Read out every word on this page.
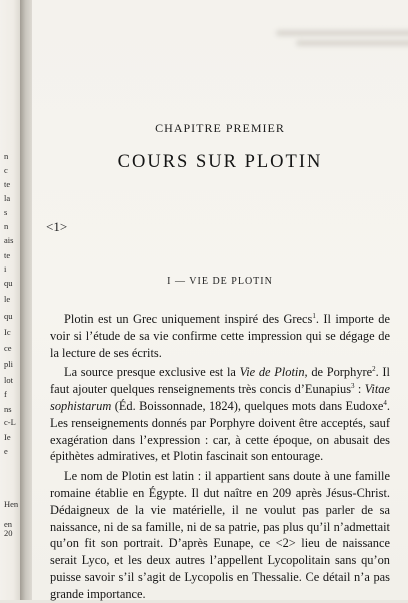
n
c
te
la
s
n
ais
te
i
qu
le
qu
Ic
ce
pli
lot
f
ns
c-L
Ie
e
Hen
en 20
CHAPITRE PREMIER
COURS SUR PLOTIN
<1>
I — VIE DE PLOTIN

Plotin est un Grec uniquement inspiré des Grecs$^1$. Il importe de voir si l’étude de sa vie confirme cette impression qui se dégage de la lecture de ses écrits.

La source presque exclusive est la Vie de Plotin, de Porphyre$^2$. Il faut ajouter quelques renseignements très concis d’Eunapius$^3$ : Vitae sophistarum (Éd. Boissonnade, 1824), quelques mots dans Eudoxe$^4$. Les renseignements donnés par Porphyre doivent être acceptés, sauf exagération dans l’expression : car, à cette époque, on abusait des épithètes admiratives, et Plotin fascinait son entourage.

Le nom de Plotin est latin : il appartient sans doute à une famille romaine établie en Égypte. Il dut naître en 209 après Jésus-Christ. Dédaigneux de la vie matérielle, il ne voulut pas parler de sa naissance, ni de sa famille, ni de sa patrie, pas plus qu’il n’admettait qu’on fit son portrait. D’après Eunape, ce <2> lieu de naissance serait Lyco, et les deux autres l’appellent Lycopolitain sans qu’on puisse savoir s’il s’agit de Lycopolis en Thessalie. Ce détail n’a pas grande importance.
